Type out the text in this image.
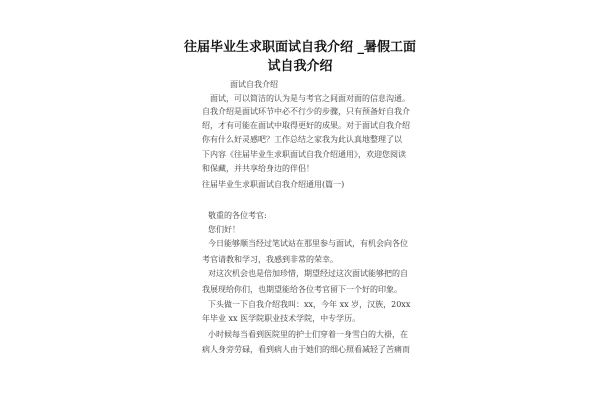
往届毕业生求职面试自我介绍 _暑假工面
试自我介绍

面试自我介绍

面试，可以简洁的认为是与考官之间面对面的信息沟通。

自我介绍是面试环节中必不行少的步骤，只有预备好自我介

绍，才有可能在面试中取得更好的成果。对于面试自我介绍

你有什么好灵感吧？工作总结之家我为此认真地整理了以

下内容《往届毕业生求职面试自我介绍通用》，欢迎您阅读

和保藏，并共享给身边的伴侣！

往届毕业生求职面试自我介绍通用(篇一)

敬重的各位考官:

您们好！

今日能够顺当经过笔试站在那里参与面试，有机会向各位

考官请教和学习，我感到非常的荣幸。

对这次机会也是倍加珍惜，期望经过这次面试能够把的自

我展现给你们，也期望能给各位考官留下一个好的印象。

下头做一下自我介绍我叫：xx，今年 xx 岁，汉族，20xx

年毕业 xx 医学院职业技术学院，中专学历。

小时候每当看到医院里的护士们穿着一身雪白的大褂，在

病人身旁劳碌，看到病人由于她们的细心照看减轻了苦痛而
